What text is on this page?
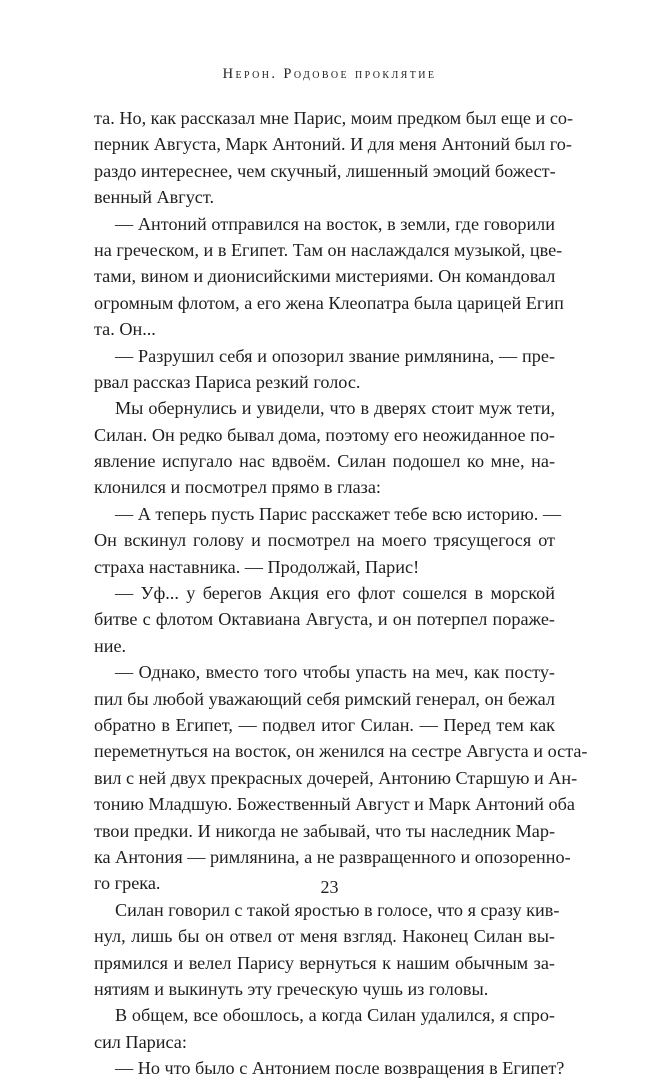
Нерон. Родовое проклятие

та. Но, как рассказал мне Парис, моим предком был еще и со-
перник Августа, Марк Антоний. И для меня Антоний был го-
раздо интереснее, чем скучный, лишенный эмоций божест-
венный Август.

— Антоний отправился на восток, в земли, где говорили
на греческом, и в Египет. Там он наслаждался музыкой, цве-
тами, вином и дионисийскими мистериями. Он командовал
огромным флотом, а его жена Клеопатра была царицей Егип
та. Он...

— Разрушил себя и опозорил звание римлянина, — пре-
рвал рассказ Париса резкий голос.

Мы обернулись и увидели, что в дверях стоит муж тети,
Силан. Он редко бывал дома, поэтому его неожиданное по-
явление испугало нас вдвоём. Силан подошел ко мне, на-
клонился и посмотрел прямо в глаза:

— А теперь пусть Парис расскажет тебе всю историю. —
Он вскинул голову и посмотрел на моего трясущегося от
страха наставника. — Продолжай, Парис!

— Уф... у берегов Акция его флот сошелся в морской
битве с флотом Октавиана Августа, и он потерпел пораже-
ние.

— Однако, вместо того чтобы упасть на меч, как посту-
пил бы любой уважающий себя римский генерал, он бежал
обратно в Египет, — подвел итог Силан. — Перед тем как
переметнуться на восток, он женился на сестре Августа и оста-
вил с ней двух прекрасных дочерей, Антонию Старшую и Ан-
тонию Младшую. Божественный Август и Марк Антоний оба
твои предки. И никогда не забывай, что ты наследник Мар-
ка Антония — римлянина, а не развращенного и опозоренно-
го грека.

Силан говорил с такой яростью в голосе, что я сразу кив-
нул, лишь бы он отвел от меня взгляд. Наконец Силан вы-
прямился и велел Парису вернуться к нашим обычным за-
нятиям и выкинуть эту греческую чушь из головы.

В общем, все обошлось, а когда Силан удалился, я спро-
сил Париса:

— Но что было с Антонием после возвращения в Египет?

23
